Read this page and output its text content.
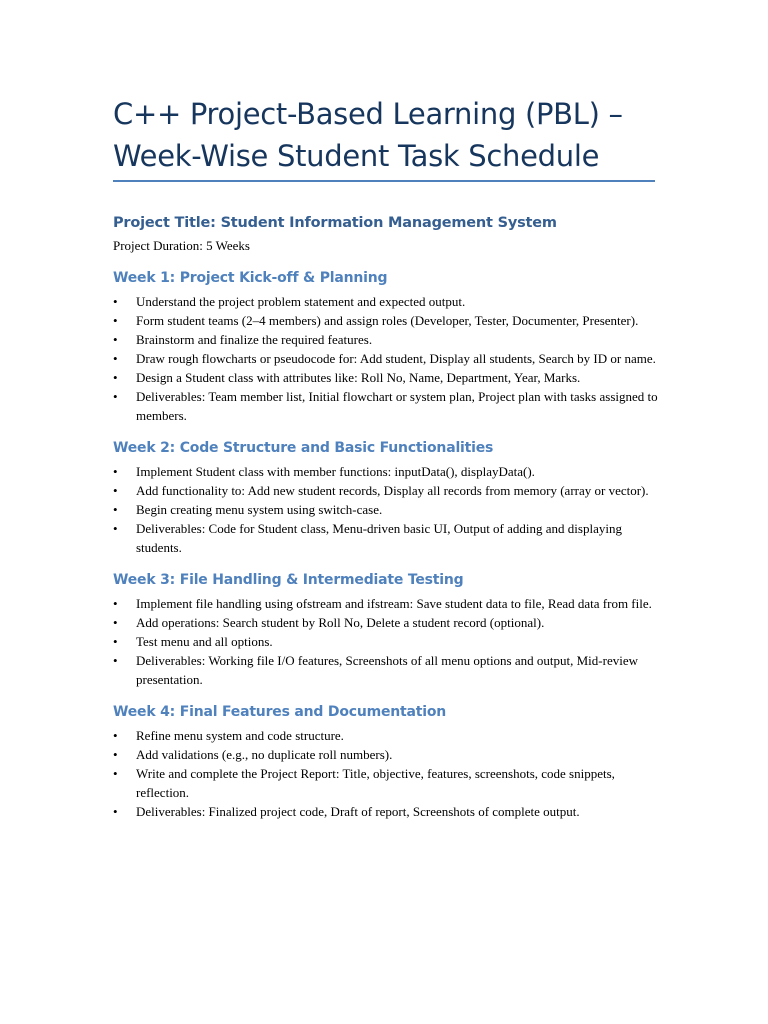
C++ Project-Based Learning (PBL) –
Week-Wise Student Task Schedule
Project Title: Student Information Management System

Project Duration: 5 Weeks

Week 1: Project Kick-off & Planning
• Understand the project problem statement and expected output.
• Form student teams (2–4 members) and assign roles (Developer, Tester, Documenter, Presenter).
• Brainstorm and finalize the required features.
• Draw rough flowcharts or pseudocode for: Add student, Display all students, Search by ID or name.
• Design a Student class with attributes like: Roll No, Name, Department, Year, Marks.
• Deliverables: Team member list, Initial flowchart or system plan, Project plan with tasks assigned to members.
Week 2: Code Structure and Basic Functionalities
• Implement Student class with member functions: inputData(), displayData().
• Add functionality to: Add new student records, Display all records from memory (array or vector).
• Begin creating menu system using switch-case.
• Deliverables: Code for Student class, Menu-driven basic UI, Output of adding and displaying students.
Week 3: File Handling & Intermediate Testing
• Implement file handling using ofstream and ifstream: Save student data to file, Read data from file.
• Add operations: Search student by Roll No, Delete a student record (optional).
• Test menu and all options.
• Deliverables: Working file I/O features, Screenshots of all menu options and output, Mid-review presentation.
Week 4: Final Features and Documentation
• Refine menu system and code structure.
• Add validations (e.g., no duplicate roll numbers).
• Write and complete the Project Report: Title, objective, features, screenshots, code snippets, reflection.
• Deliverables: Finalized project code, Draft of report, Screenshots of complete output.
